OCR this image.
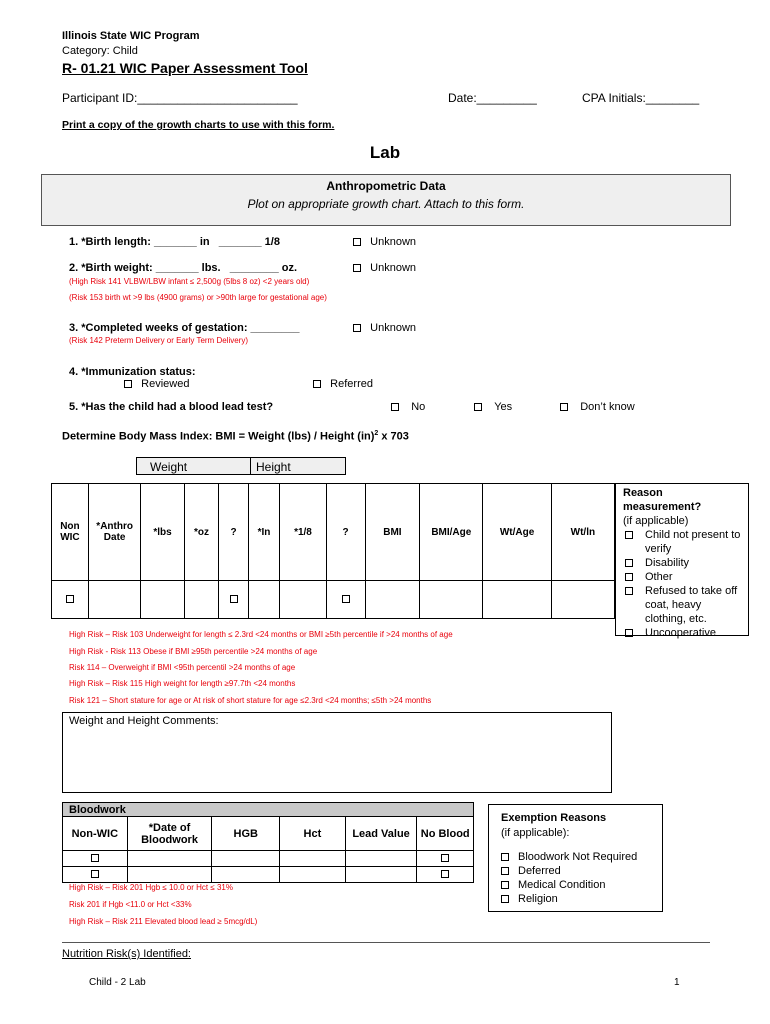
Illinois State WIC Program
Category: Child
R- 01.21 WIC Paper Assessment Tool
Participant ID:________________________	Date:_________	CPA Initials:________
Print a copy of the growth charts to use with this form.
Lab
Anthropometric Data
Plot on appropriate growth chart. Attach to this form.
1. *Birth length: _______ in   _______ 1/8	Unknown
2. *Birth weight: _______ lbs.   ________ oz.	Unknown
(High Risk 141 VLBW/LBW infant ≤ 2,500g (5lbs 8 oz) <2 years old)
(Risk 153 birth wt >9 lbs (4900 grams) or >90th large for gestational age)
3. *Completed weeks of gestation: ________	Unknown
(Risk 142 Preterm Delivery or Early Term Delivery)
4. *Immunization status:
Reviewed	Referred
5. *Has the child had a blood lead test?	No	Yes	Don’t know
Determine Body Mass Index: BMI = Weight (lbs) / Height (in)$^2$ x 703
Weight	Height
Non WIC	*Anthro Date	*lbs	*oz	?	*In	*1/8	?	BMI	BMI/Age	Wt/Age	Wt/ln

Reason measurement?
(if applicable)
Child not present to verify
Disability
Other
Refused to take off coat, heavy clothing, etc.
Uncooperative
High Risk – Risk 103 Underweight for length ≤ 2.3rd <24 months or BMI ≥5th percentile if >24 months of age
High Risk - Risk 113 Obese if BMI ≥95th percentile >24 months of age
Risk 114 – Overweight if BMI <95th percentil >24 months of age
High Risk – Risk 115 High weight for length ≥97.7th <24 months
Risk 121 – Short stature for age or At risk of short stature for age ≤2.3rd <24 months; ≤5th >24 months
Weight and Height Comments:
Bloodwork					
Non-WIC	*Date of Bloodwork	HGB	Hct	Lead Value	No Blood

High Risk – Risk 201 Hgb ≤ 10.0 or Hct ≤ 31%
Risk 201 if Hgb <11.0 or Hct <33%
High Risk – Risk 211 Elevated blood lead ≥ 5mcg/dL)
Exemption Reasons
(if applicable):
Bloodwork Not Required
Deferred
Medical Condition
Religion
Nutrition Risk(s) Identified:
Child - 2 Lab	1
